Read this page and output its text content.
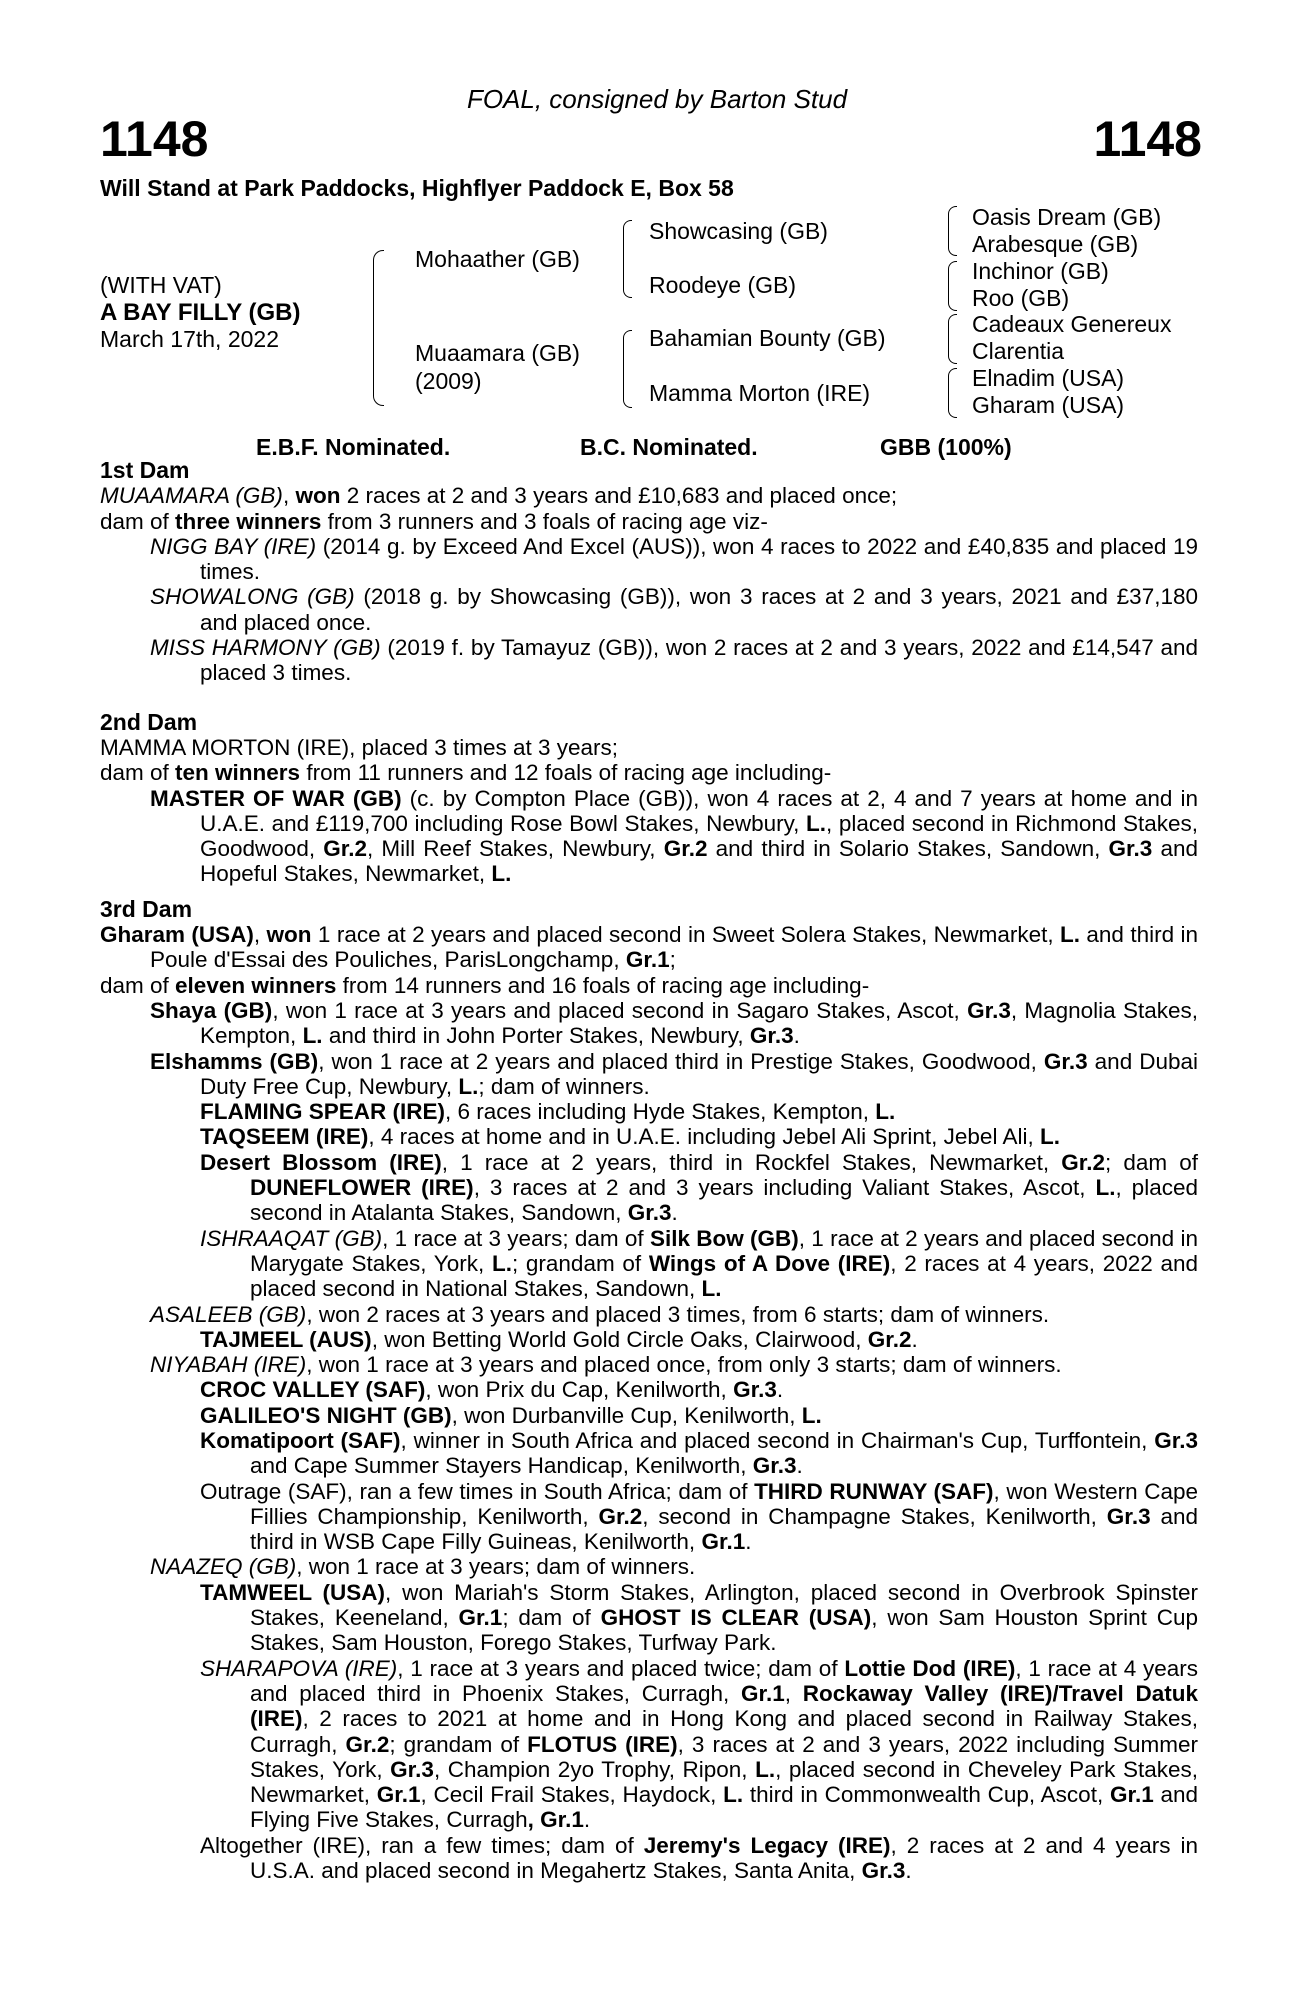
FOAL, consigned by Barton Stud
1148	1148
Will Stand at Park Paddocks, Highflyer Paddock E, Box 58
(WITH VAT)
A BAY FILLY (GB)
March 17th, 2022
Mohaather (GB)
Muaamara (GB)
(2009)
Showcasing (GB)
Roodeye (GB)
Bahamian Bounty (GB)
Mamma Morton (IRE)
Oasis Dream (GB)
Arabesque (GB)
Inchinor (GB)
Roo (GB)
Cadeaux Genereux
Clarentia
Elnadim (USA)
Gharam (USA)
E.B.F. Nominated.	B.C. Nominated.	GBB (100%)
1st Dam
MUAAMARA (GB), won 2 races at 2 and 3 years and £10,683 and placed once;
dam of three winners from 3 runners and 3 foals of racing age viz-
NIGG BAY (IRE) (2014 g. by Exceed And Excel (AUS)), won 4 races to 2022 and £40,835 and placed 19 times.
SHOWALONG (GB) (2018 g. by Showcasing (GB)), won 3 races at 2 and 3 years, 2021 and £37,180 and placed once.
MISS HARMONY (GB) (2019 f. by Tamayuz (GB)), won 2 races at 2 and 3 years, 2022 and £14,547 and placed 3 times.
2nd Dam
MAMMA MORTON (IRE), placed 3 times at 3 years;
dam of ten winners from 11 runners and 12 foals of racing age including-
MASTER OF WAR (GB) (c. by Compton Place (GB)), won 4 races at 2, 4 and 7 years at home and in U.A.E. and £119,700 including Rose Bowl Stakes, Newbury, L., placed second in Richmond Stakes, Goodwood, Gr.2, Mill Reef Stakes, Newbury, Gr.2 and third in Solario Stakes, Sandown, Gr.3 and Hopeful Stakes, Newmarket, L.
3rd Dam
Gharam (USA), won 1 race at 2 years and placed second in Sweet Solera Stakes, Newmarket, L. and third in Poule d'Essai des Pouliches, ParisLongchamp, Gr.1;
dam of eleven winners from 14 runners and 16 foals of racing age including-
Shaya (GB), won 1 race at 3 years and placed second in Sagaro Stakes, Ascot, Gr.3, Magnolia Stakes, Kempton, L. and third in John Porter Stakes, Newbury, Gr.3.
Elshamms (GB), won 1 race at 2 years and placed third in Prestige Stakes, Goodwood, Gr.3 and Dubai Duty Free Cup, Newbury, L.; dam of winners.
FLAMING SPEAR (IRE), 6 races including Hyde Stakes, Kempton, L.
TAQSEEM (IRE), 4 races at home and in U.A.E. including Jebel Ali Sprint, Jebel Ali, L.
Desert Blossom (IRE), 1 race at 2 years, third in Rockfel Stakes, Newmarket, Gr.2; dam of DUNEFLOWER (IRE), 3 races at 2 and 3 years including Valiant Stakes, Ascot, L., placed second in Atalanta Stakes, Sandown, Gr.3.
ISHRAAQAT (GB), 1 race at 3 years; dam of Silk Bow (GB), 1 race at 2 years and placed second in Marygate Stakes, York, L.; grandam of Wings of A Dove (IRE), 2 races at 4 years, 2022 and placed second in National Stakes, Sandown, L.
ASALEEB (GB), won 2 races at 3 years and placed 3 times, from 6 starts; dam of winners.
TAJMEEL (AUS), won Betting World Gold Circle Oaks, Clairwood, Gr.2.
NIYABAH (IRE), won 1 race at 3 years and placed once, from only 3 starts; dam of winners.
CROC VALLEY (SAF), won Prix du Cap, Kenilworth, Gr.3.
GALILEO'S NIGHT (GB), won Durbanville Cup, Kenilworth, L.
Komatipoort (SAF), winner in South Africa and placed second in Chairman's Cup, Turffontein, Gr.3 and Cape Summer Stayers Handicap, Kenilworth, Gr.3.
Outrage (SAF), ran a few times in South Africa; dam of THIRD RUNWAY (SAF), won Western Cape Fillies Championship, Kenilworth, Gr.2, second in Champagne Stakes, Kenilworth, Gr.3 and third in WSB Cape Filly Guineas, Kenilworth, Gr.1.
NAAZEQ (GB), won 1 race at 3 years; dam of winners.
TAMWEEL (USA), won Mariah's Storm Stakes, Arlington, placed second in Overbrook Spinster Stakes, Keeneland, Gr.1; dam of GHOST IS CLEAR (USA), won Sam Houston Sprint Cup Stakes, Sam Houston, Forego Stakes, Turfway Park.
SHARAPOVA (IRE), 1 race at 3 years and placed twice; dam of Lottie Dod (IRE), 1 race at 4 years and placed third in Phoenix Stakes, Curragh, Gr.1, Rockaway Valley (IRE)/Travel Datuk (IRE), 2 races to 2021 at home and in Hong Kong and placed second in Railway Stakes, Curragh, Gr.2; grandam of FLOTUS (IRE), 3 races at 2 and 3 years, 2022 including Summer Stakes, York, Gr.3, Champion 2yo Trophy, Ripon, L., placed second in Cheveley Park Stakes, Newmarket, Gr.1, Cecil Frail Stakes, Haydock, L. third in Commonwealth Cup, Ascot, Gr.1 and Flying Five Stakes, Curragh, Gr.1.
Altogether (IRE), ran a few times; dam of Jeremy's Legacy (IRE), 2 races at 2 and 4 years in U.S.A. and placed second in Megahertz Stakes, Santa Anita, Gr.3.
